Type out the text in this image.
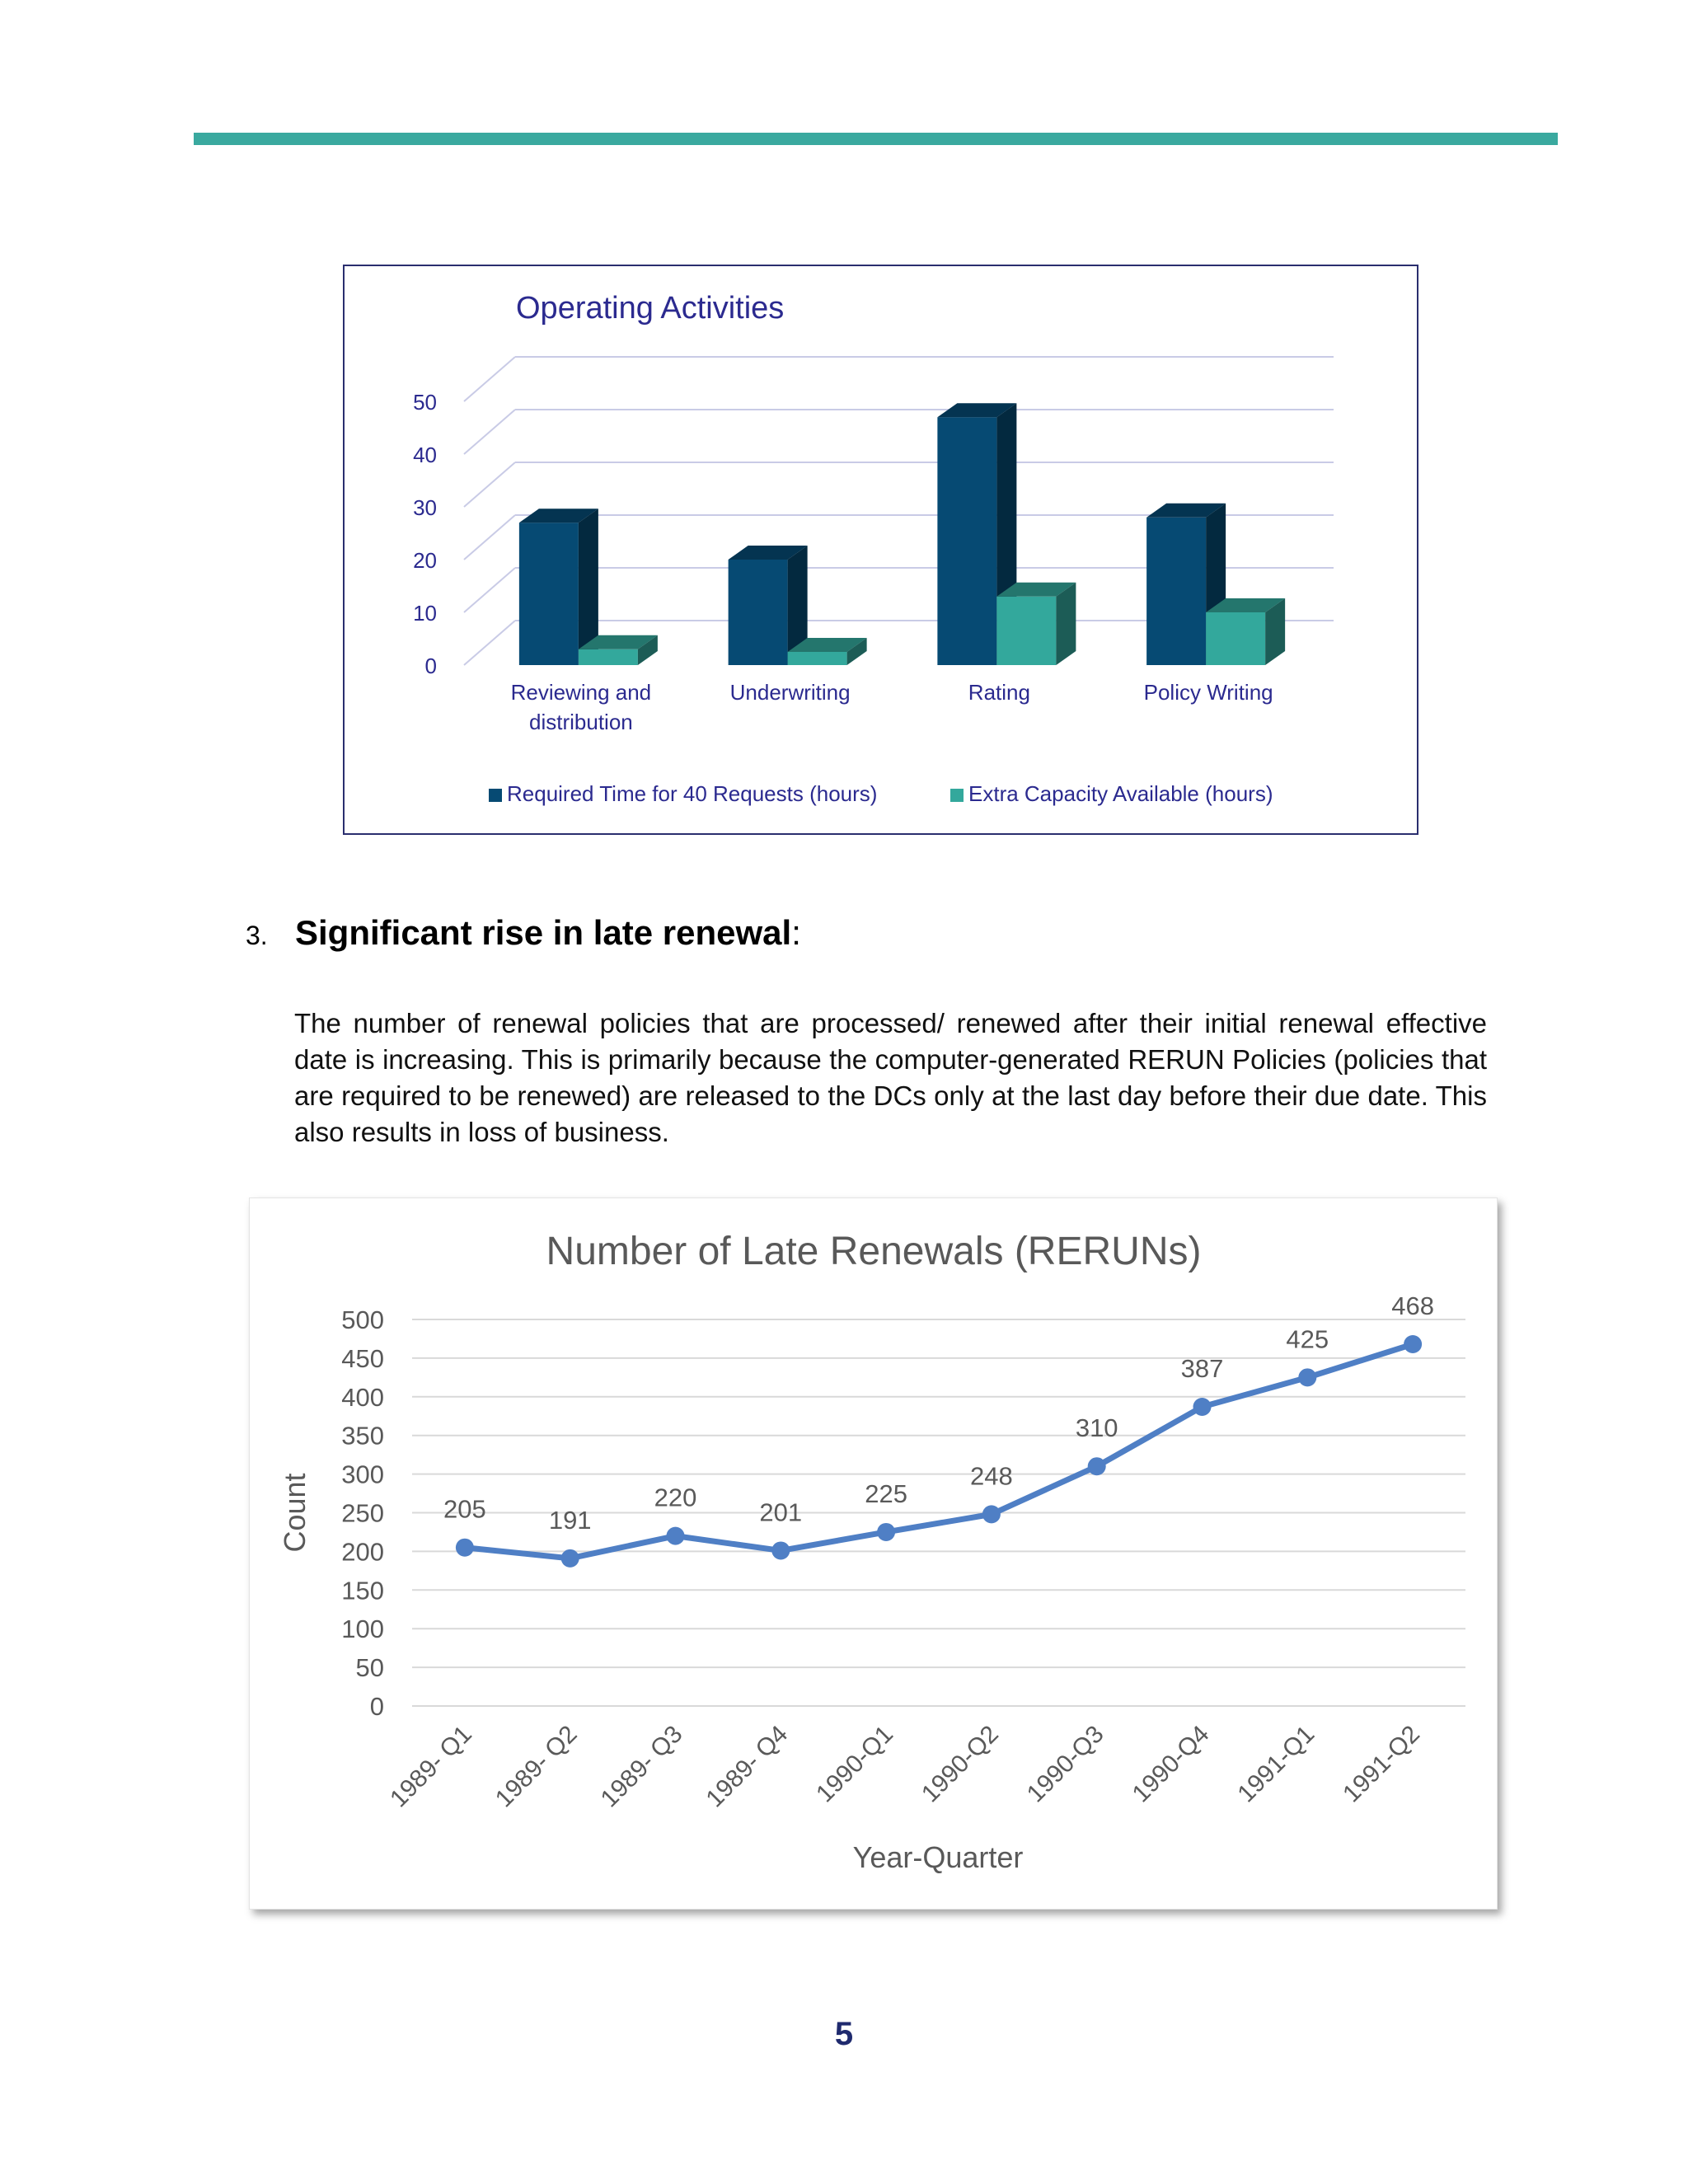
Operating Activities
0
10
20
30
40
50
Reviewing and
distribution
Underwriting	Rating	Policy Writing
Required Time for 40 Requests (hours)	Extra Capacity Available (hours)
3. Significant rise in late renewal:

The number of renewal policies that are processed/ renewed after their initial renewal effective date is increasing. This is primarily because the computer-generated RERUN Policies (policies that are required to be renewed) are released to the DCs only at the last day before their due date. This also results in loss of business.

Number of Late Renewals (RERUNs)
0
50
100
150
200
250
300
350
400
450
500
Count
Year-Quarter
205
1989- Q1
191
1989- Q2
220
1989- Q3
201
1989- Q4
225
1990-Q1
248
1990-Q2
310
1990-Q3
387
1990-Q4
425
1991-Q1
468
1991-Q2
5
